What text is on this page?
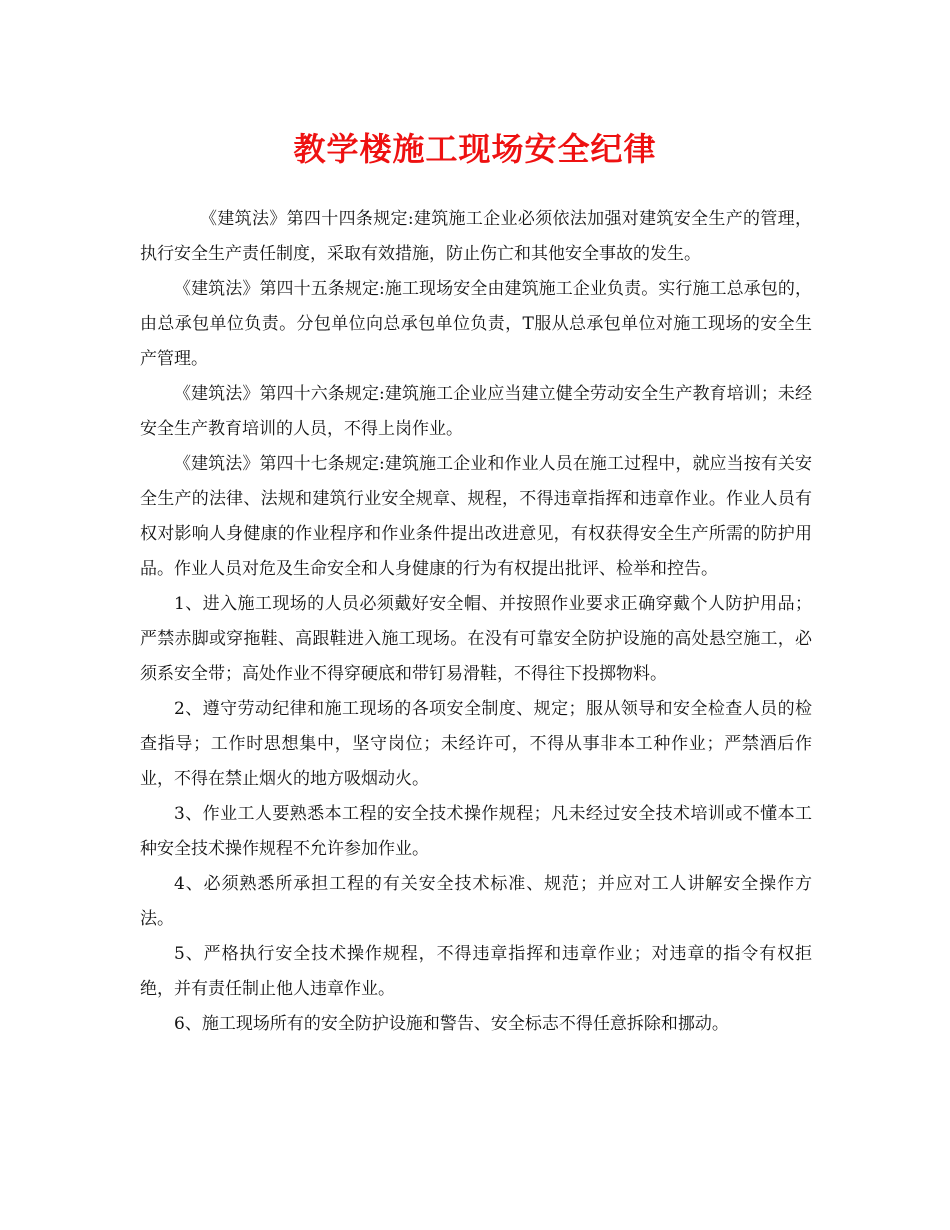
教学楼施工现场安全纪律

《建筑法》第四十四条规定:建筑施工企业必须依法加强对建筑安全生产的管理，执行安全生产责任制度，采取有效措施，防止伤亡和其他安全事故的发生。

《建筑法》第四十五条规定:施工现场安全由建筑施工企业负责。实行施工总承包的，由总承包单位负责。分包单位向总承包单位负责，T服从总承包单位对施工现场的安全生产管理。

《建筑法》第四十六条规定:建筑施工企业应当建立健全劳动安全生产教育培训；未经安全生产教育培训的人员，不得上岗作业。

《建筑法》第四十七条规定:建筑施工企业和作业人员在施工过程中，就应当按有关安全生产的法律、法规和建筑行业安全规章、规程，不得违章指挥和违章作业。作业人员有权对影响人身健康的作业程序和作业条件提出改进意见，有权获得安全生产所需的防护用品。作业人员对危及生命安全和人身健康的行为有权提出批评、检举和控告。

1、进入施工现场的人员必须戴好安全帽、并按照作业要求正确穿戴个人防护用品；严禁赤脚或穿拖鞋、高跟鞋进入施工现场。在没有可靠安全防护设施的高处悬空施工，必须系安全带；高处作业不得穿硬底和带钉易滑鞋，不得往下投掷物料。

2、遵守劳动纪律和施工现场的各项安全制度、规定；服从领导和安全检查人员的检查指导；工作时思想集中，坚守岗位；未经许可，不得从事非本工种作业；严禁酒后作业，不得在禁止烟火的地方吸烟动火。

3、作业工人要熟悉本工程的安全技术操作规程；凡未经过安全技术培训或不懂本工种安全技术操作规程不允许参加作业。

4、必须熟悉所承担工程的有关安全技术标准、规范；并应对工人讲解安全操作方法。

5、严格执行安全技术操作规程，不得违章指挥和违章作业；对违章的指令有权拒绝，并有责任制止他人违章作业。

6、施工现场所有的安全防护设施和警告、安全标志不得任意拆除和挪动。
